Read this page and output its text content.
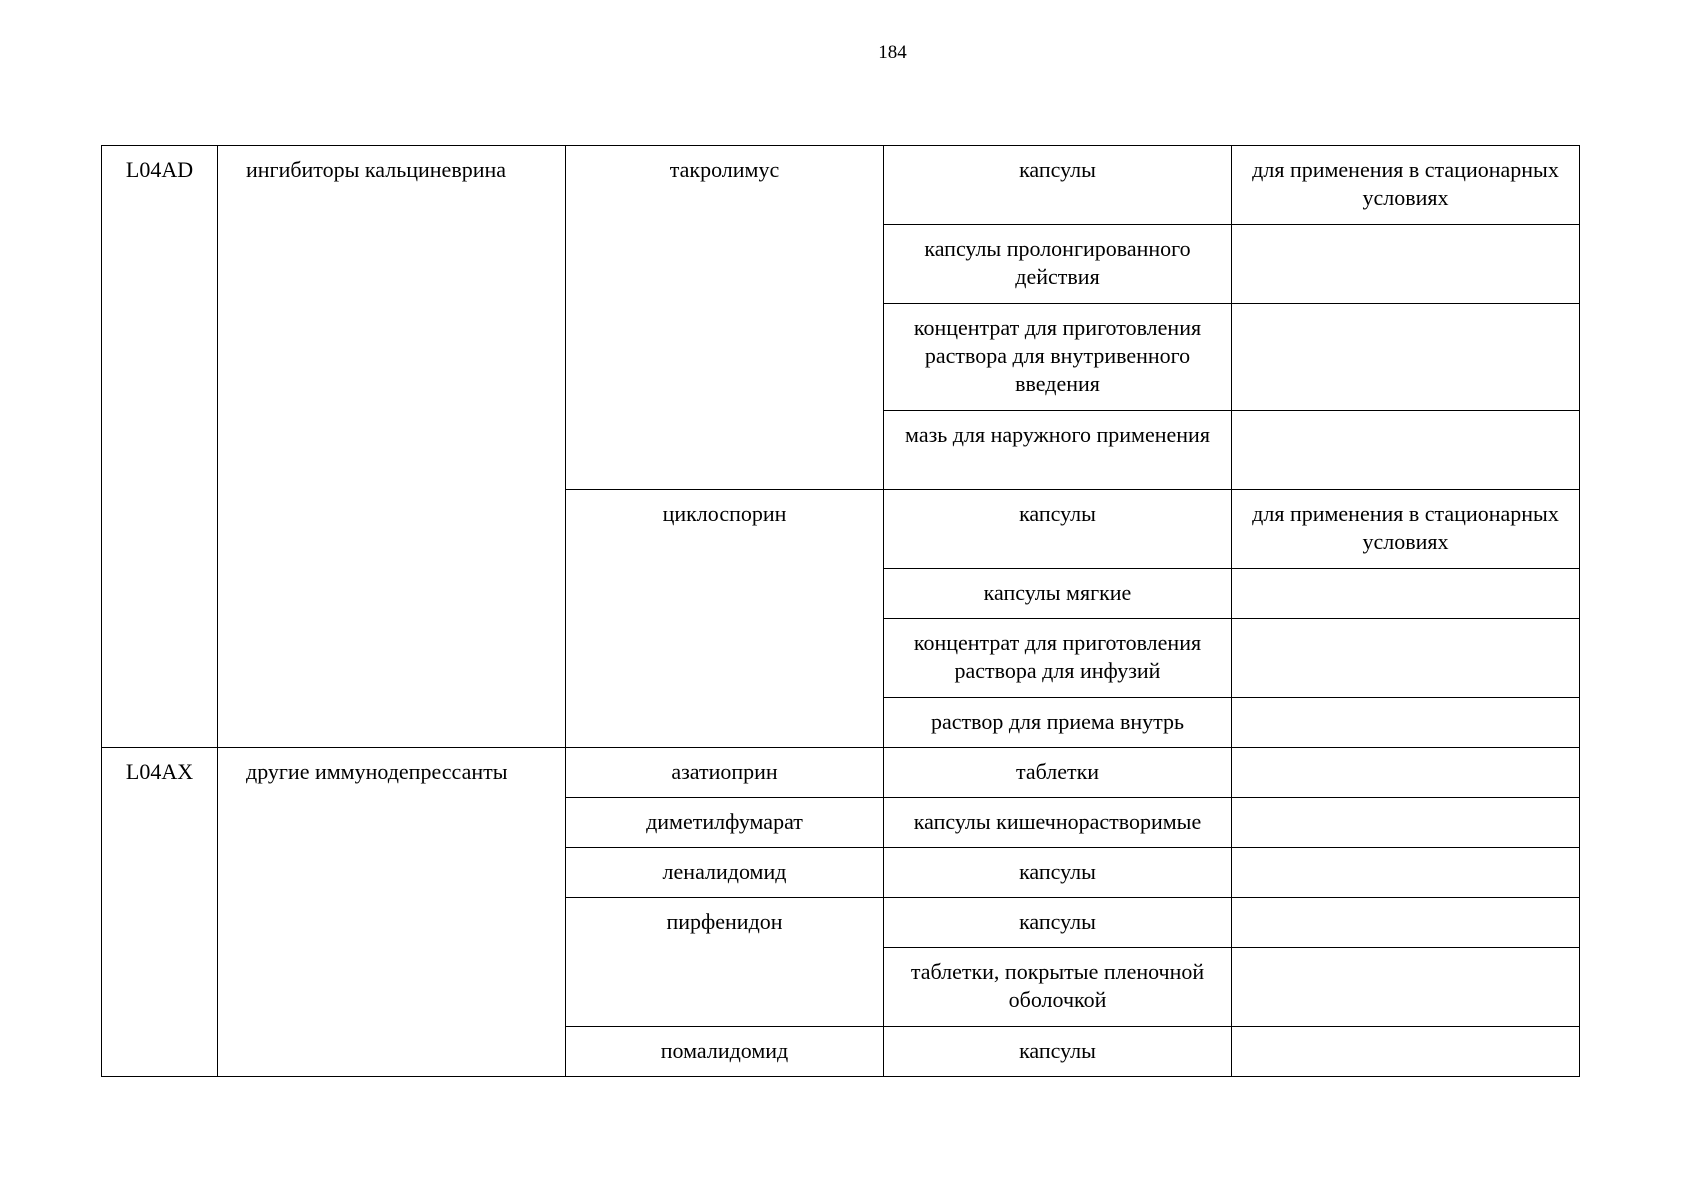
184
L04AD	ингибиторы кальциневрина	такролимус	капсулы	для применения в стационарных условиях
			капсулы пролонгированного действия	
			концентрат для приготовления раствора для внутривенного введения	
			мазь для наружного применения	
		циклоспорин	капсулы	для применения в стационарных условиях
			капсулы мягкие	
			концентрат для приготовления раствора для инфузий	
			раствор для приема внутрь	
L04AX	другие иммунодепрессанты	азатиоприн	таблетки	
		диметилфумарат	капсулы кишечнорастворимые	
		леналидомид	капсулы	
		пирфенидон	капсулы	
			таблетки, покрытые пленочной оболочкой	
		помалидомид	капсулы	
